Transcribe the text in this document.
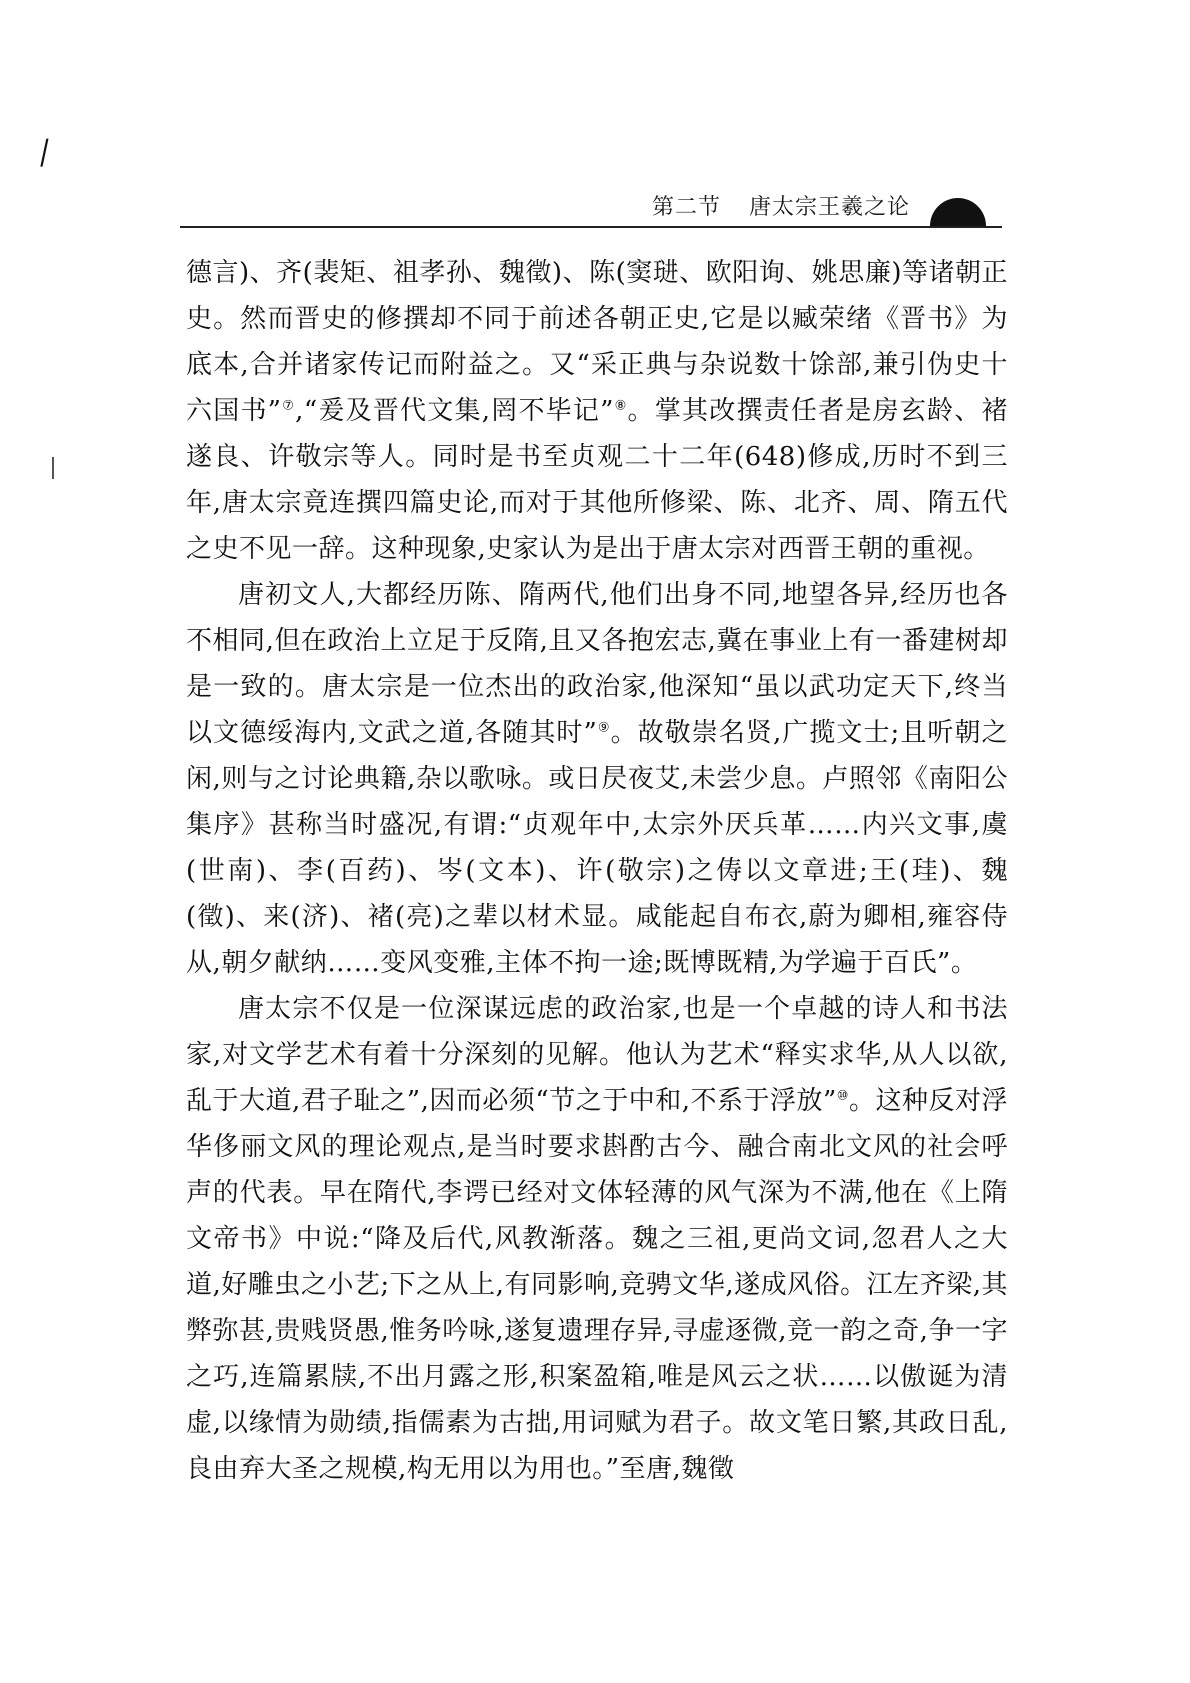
|
第二节 唐太宗王羲之论

德言)、齐(裴矩、祖孝孙、魏徵)、陈(窦琎、欧阳询、姚思廉)等诸朝正史。然而晋史的修撰却不同于前述各朝正史,它是以臧荣绪《晋书》为底本,合并诸家传记而附益之。又“采正典与杂说数十馀部,兼引伪史十六国书”⑦,“爰及晋代文集,罔不毕记”⑧。掌其改撰责任者是房玄龄、褚遂良、许敬宗等人。同时是书至贞观二十二年(648)修成,历时不到三年,唐太宗竟连撰四篇史论,而对于其他所修梁、陈、北齐、周、隋五代之史不见一辞。这种现象,史家认为是出于唐太宗对西晋王朝的重视。

唐初文人,大都经历陈、隋两代,他们出身不同,地望各异,经历也各不相同,但在政治上立足于反隋,且又各抱宏志,冀在事业上有一番建树却是一致的。唐太宗是一位杰出的政治家,他深知“虽以武功定天下,终当以文德绥海内,文武之道,各随其时”⑨。故敬崇名贤,广揽文士;且听朝之闲,则与之讨论典籍,杂以歌咏。或日昃夜艾,未尝少息。卢照邻《南阳公集序》甚称当时盛况,有谓:“贞观年中,太宗外厌兵革……内兴文事,虞(世南)、李(百药)、岑(文本)、许(敬宗)之俦以文章进;王(珪)、魏(徵)、来(济)、褚(亮)之辈以材术显。咸能起自布衣,蔚为卿相,雍容侍从,朝夕献纳……变风变雅,主体不拘一途;既博既精,为学遍于百氏”。

唐太宗不仅是一位深谋远虑的政治家,也是一个卓越的诗人和书法家,对文学艺术有着十分深刻的见解。他认为艺术“释实求华,从人以欲,乱于大道,君子耻之”,因而必须“节之于中和,不系于浮放”⑩。这种反对浮华侈丽文风的理论观点,是当时要求斟酌古今、融合南北文风的社会呼声的代表。早在隋代,李谔已经对文体轻薄的风气深为不满,他在《上隋文帝书》中说:“降及后代,风教渐落。魏之三祖,更尚文词,忽君人之大道,好雕虫之小艺;下之从上,有同影响,竞骋文华,遂成风俗。江左齐梁,其弊弥甚,贵贱贤愚,惟务吟咏,遂复遗理存异,寻虚逐微,竞一韵之奇,争一字之巧,连篇累牍,不出月露之形,积案盈箱,唯是风云之状……以傲诞为清虚,以缘情为勋绩,指儒素为古拙,用词赋为君子。故文笔日繁,其政日乱,良由弃大圣之规模,构无用以为用也。”至唐,魏徵
